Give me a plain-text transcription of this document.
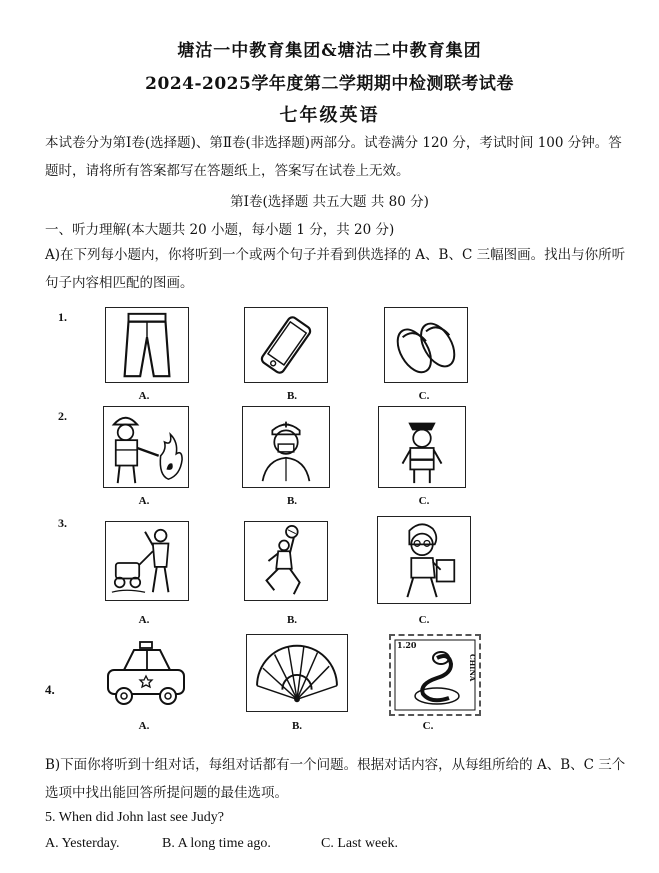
塘沽一中教育集团&塘沽二中教育集团
2024-2025学年度第二学期期中检测联考试卷
七年级英语
本试卷分为第Ⅰ卷(选择题)、第Ⅱ卷(非选择题)两部分。试卷满分 120 分，考试时间 100 分钟。答题时，请将所有答案都写在答题纸上，答案写在试卷上无效。
第Ⅰ卷(选择题 共五大题 共 80 分)
一、听力理解(本大题共 20 小题，每小题 1 分，共 20 分)
A)在下列每小题内，你将听到一个或两个句子并看到供选择的 A、B、C 三幅图画。找出与你所听句子内容相匹配的图画。
1.
A.	B.	C.
2.
A.	B.	C.
3.
A.	B.	C.
4.
1.20
CHINA
A.	B.	C.
B)下面你将听到十组对话，每组对话都有一个问题。根据对话内容，从每组所给的 A、B、C 三个选项中找出能回答所提问题的最佳选项。
5. When did John last see Judy?
A. Yesterday.	B. A long time ago.	C. Last week.
